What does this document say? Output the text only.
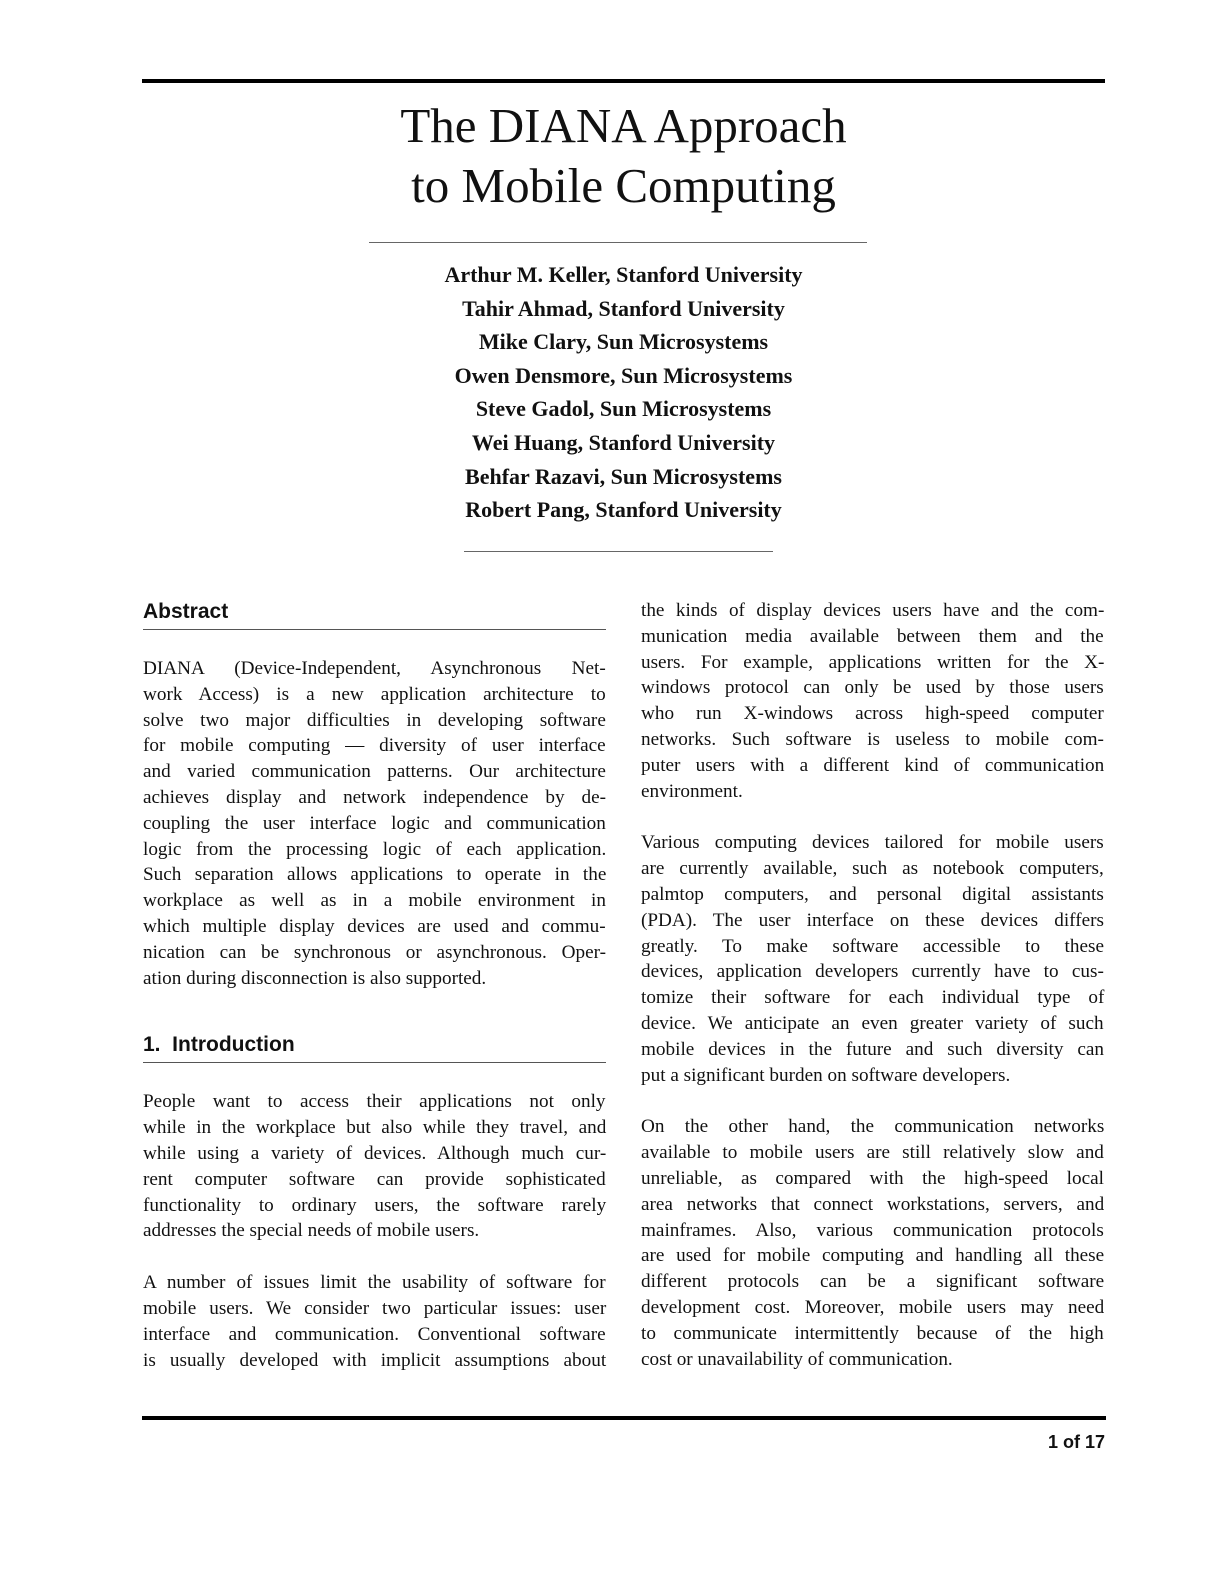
The DIANA Approach
to Mobile Computing
Arthur M. Keller, Stanford University
Tahir Ahmad, Stanford University
Mike Clary, Sun Microsystems
Owen Densmore, Sun Microsystems
Steve Gadol, Sun Microsystems
Wei Huang, Stanford University
Behfar Razavi, Sun Microsystems
Robert Pang, Stanford University
Abstract

DIANA (Device-Independent, Asynchronous Net-
work Access) is a new application architecture to
solve two major difficulties in developing software
for mobile computing — diversity of user interface
and varied communication patterns. Our architecture
achieves display and network independence by de-
coupling the user interface logic and communication
logic from the processing logic of each application.
Such separation allows applications to operate in the
workplace as well as in a mobile environment in
which multiple display devices are used and commu-
nication can be synchronous or asynchronous. Oper-
ation during disconnection is also supported.

1.  Introduction

People want to access their applications not only
while in the workplace but also while they travel, and
while using a variety of devices. Although much cur-
rent computer software can provide sophisticated
functionality to ordinary users, the software rarely
addresses the special needs of mobile users.

A number of issues limit the usability of software for
mobile users. We consider two particular issues: user
interface and communication. Conventional software
is usually developed with implicit assumptions about

the kinds of display devices users have and the com-
munication media available between them and the
users. For example, applications written for the X-
windows protocol can only be used by those users
who run X-windows across high-speed computer
networks. Such software is useless to mobile com-
puter users with a different kind of communication
environment.

Various computing devices tailored for mobile users
are currently available, such as notebook computers,
palmtop computers, and personal digital assistants
(PDA). The user interface on these devices differs
greatly. To make software accessible to these
devices, application developers currently have to cus-
tomize their software for each individual type of
device. We anticipate an even greater variety of such
mobile devices in the future and such diversity can
put a significant burden on software developers.

On the other hand, the communication networks
available to mobile users are still relatively slow and
unreliable, as compared with the high-speed local
area networks that connect workstations, servers, and
mainframes. Also, various communication protocols
are used for mobile computing and handling all these
different protocols can be a significant software
development cost. Moreover, mobile users may need
to communicate intermittently because of the high
cost or unavailability of communication.

1 of 17
